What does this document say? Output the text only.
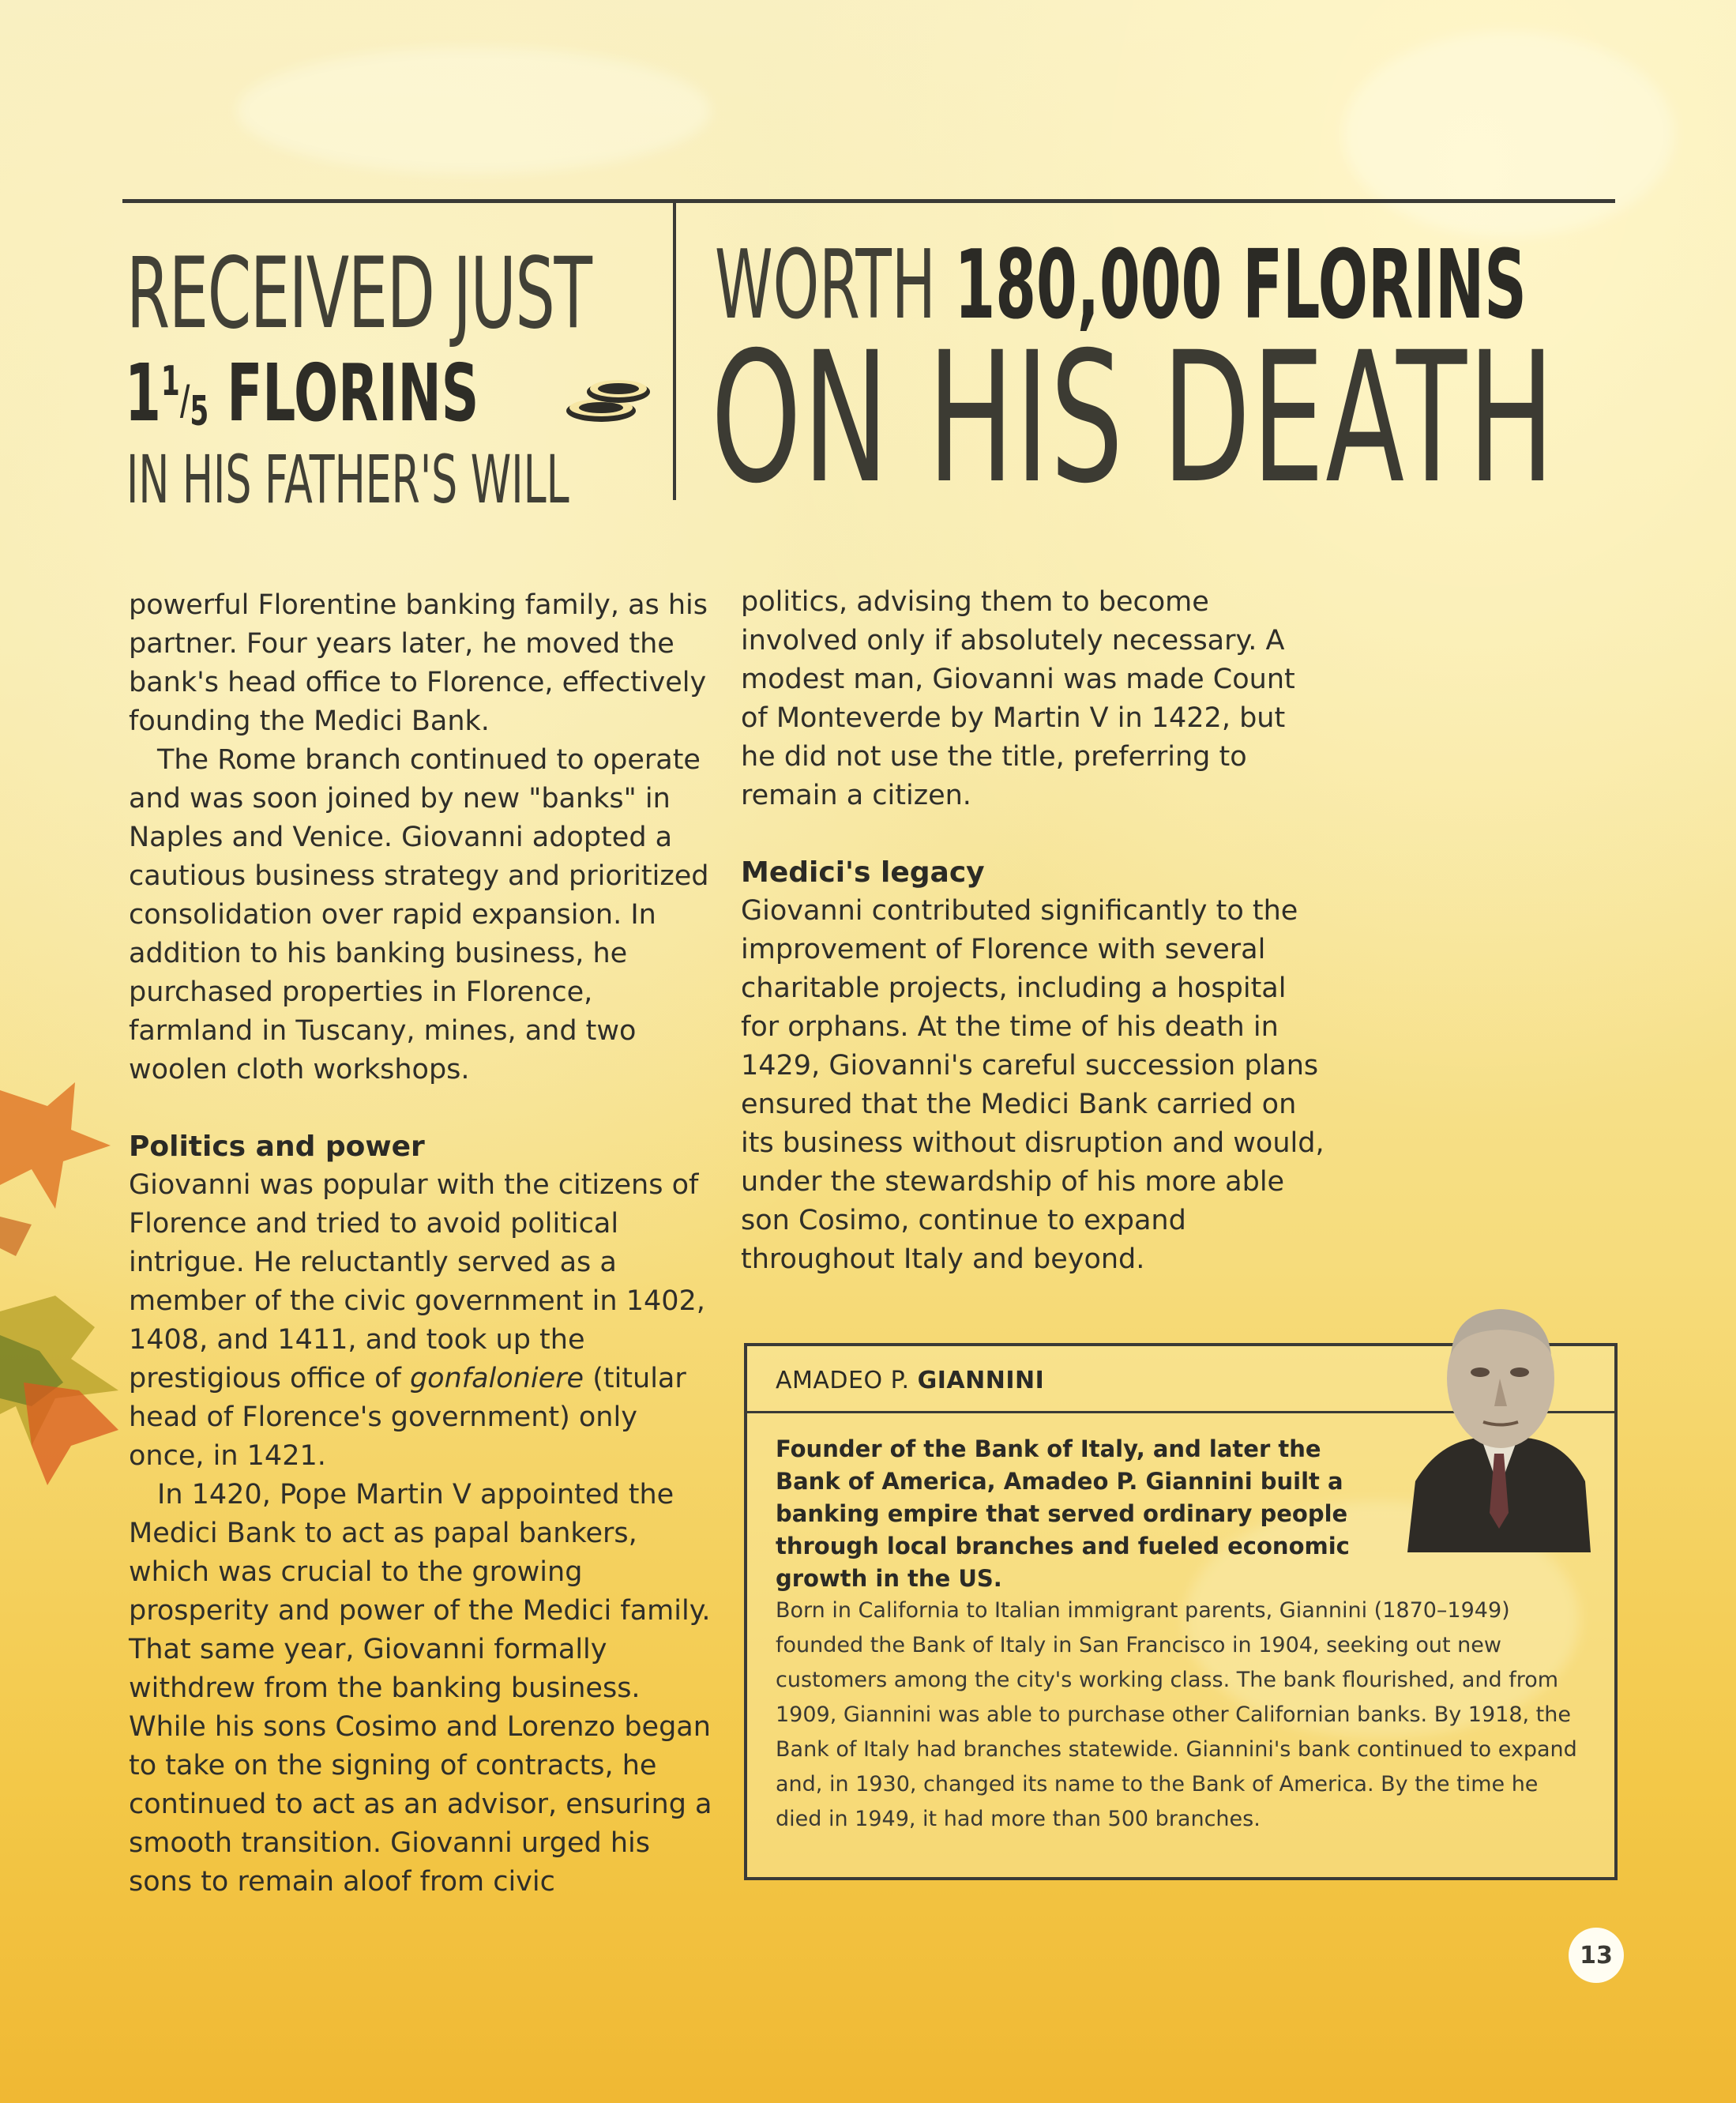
RECEIVED JUST
$1^1/_5$ FLORINS
IN HIS FATHER'S WILL
WORTH 180,000 FLORINS
ON HIS DEATH

powerful Florentine banking family, as his partner. Four years later, he moved the bank's head office to Florence, effectively founding the Medici Bank.

The Rome branch continued to operate and was soon joined by new "banks" in Naples and Venice. Giovanni adopted a cautious business strategy and prioritized consolidation over rapid expansion. In addition to his banking business, he purchased properties in Florence, farmland in Tuscany, mines, and two woolen cloth workshops.

Politics and power

Giovanni was popular with the citizens of Florence and tried to avoid political intrigue. He reluctantly served as a member of the civic government in 1402, 1408, and 1411, and took up the prestigious office of gonfaloniere (titular head of Florence's government) only once, in 1421.

In 1420, Pope Martin V appointed the Medici Bank to act as papal bankers, which was crucial to the growing prosperity and power of the Medici family. That same year, Giovanni formally withdrew from the banking business. While his sons Cosimo and Lorenzo began to take on the signing of contracts, he continued to act as an advisor, ensuring a smooth transition. Giovanni urged his sons to remain aloof from civic

politics, advising them to become involved only if absolutely necessary. A modest man, Giovanni was made Count of Monteverde by Martin V in 1422, but he did not use the title, preferring to remain a citizen.

Medici's legacy

Giovanni contributed significantly to the improvement of Florence with several charitable projects, including a hospital for orphans. At the time of his death in 1429, Giovanni's careful succession plans ensured that the Medici Bank carried on its business without disruption and would, under the stewardship of his more able son Cosimo, continue to expand throughout Italy and beyond.

AMADEO P. GIANNINI
Founder of the Bank of Italy, and later the Bank of America, Amadeo P. Giannini built a banking empire that served ordinary people through local branches and fueled economic growth in the US.
Born in California to Italian immigrant parents, Giannini (1870–1949) founded the Bank of Italy in San Francisco in 1904, seeking out new customers among the city's working class. The bank flourished, and from 1909, Giannini was able to purchase other Californian banks. By 1918, the Bank of Italy had branches statewide. Giannini's bank continued to expand and, in 1930, changed its name to the Bank of America. By the time he died in 1949, it had more than 500 branches.
13
